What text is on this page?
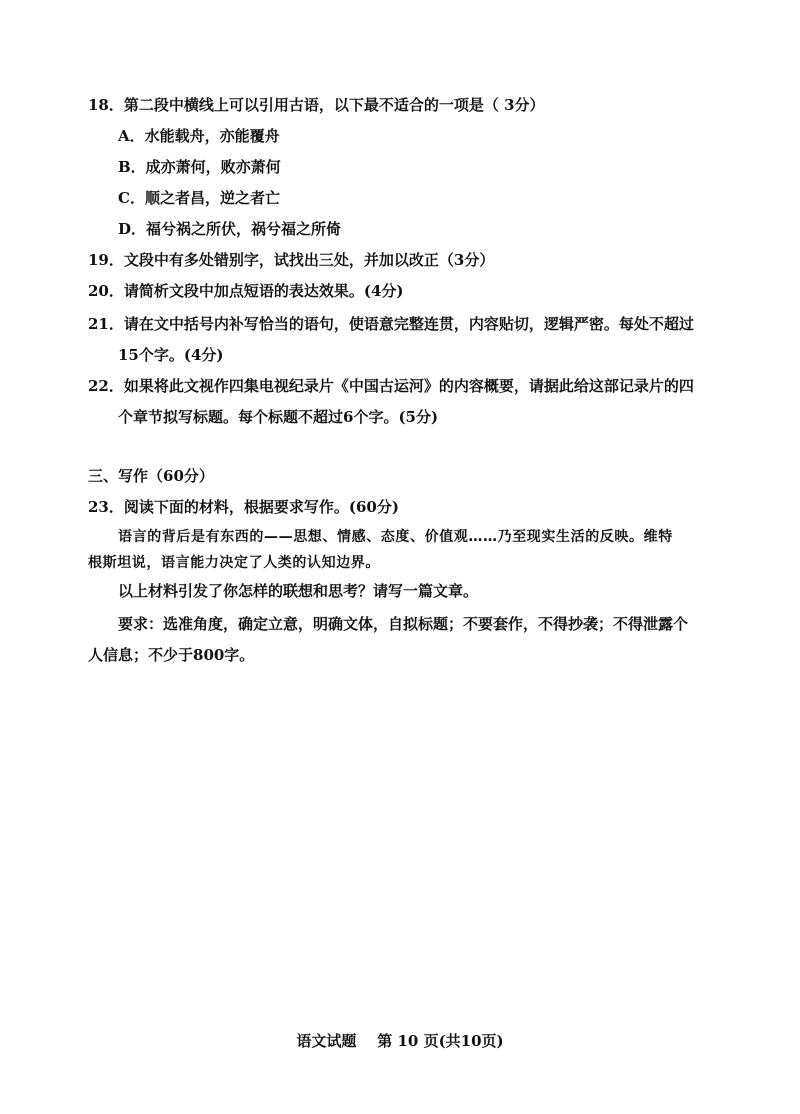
18．第二段中横线上可以引用古语，以下最不适合的一项是（ 3分）
A．水能载舟，亦能覆舟
B．成亦萧何，败亦萧何
C．顺之者昌，逆之者亡
D．福兮祸之所伏，祸兮福之所倚
19．文段中有多处错别字，试找出三处，并加以改正（3分）
20．请简析文段中加点短语的表达效果。(4分)
21．请在文中括号内补写恰当的语句，使语意完整连贯，内容贴切，逻辑严密。每处不超过
15个字。(4分)
22．如果将此文视作四集电视纪录片《中国古运河》的内容概要，请据此给这部记录片的四
个章节拟写标题。每个标题不超过6个字。(5分)
三、写作（60分）
23．阅读下面的材料，根据要求写作。(60分)
语言的背后是有东西的——思想、情感、态度、价值观……乃至现实生活的反映。维特
根斯坦说，语言能力决定了人类的认知边界。
以上材料引发了你怎样的联想和思考？请写一篇文章。
要求：选准角度，确定立意，明确文体，自拟标题；不要套作，不得抄袭；不得泄露个
人信息；不少于800字。
语文试题    第 10 页(共10页)
